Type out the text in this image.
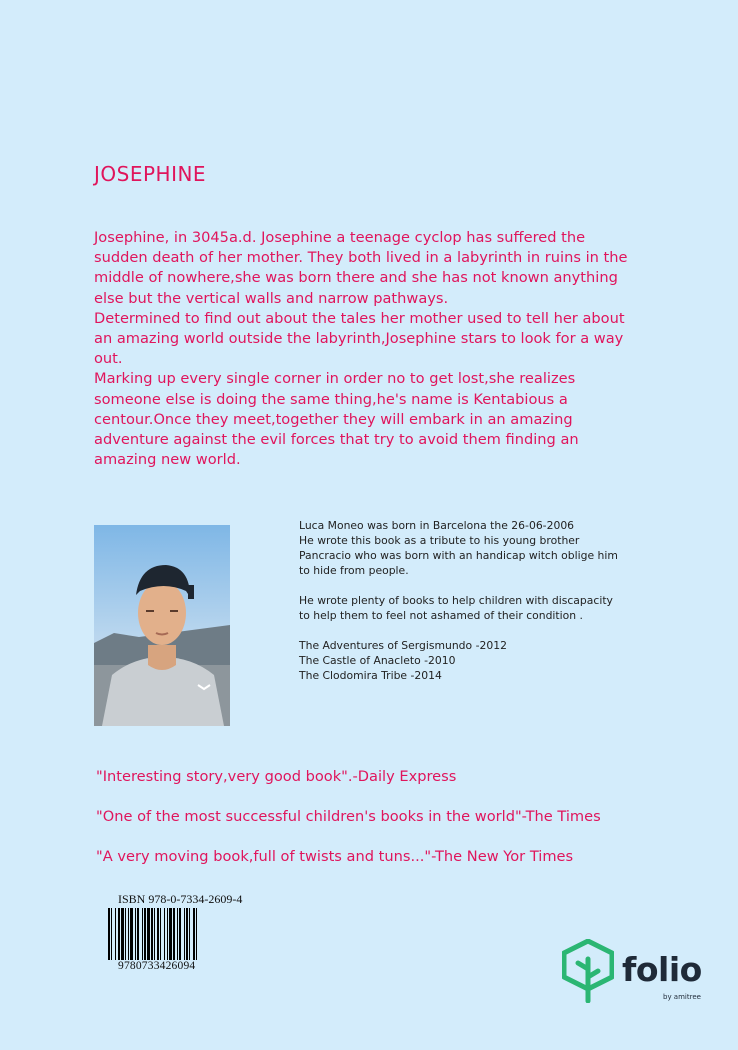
JOSEPHINE

Josephine, in 3045a.d. Josephine a teenage cyclop has suffered the

sudden death of her mother. They both lived in a labyrinth in ruins in the

middle of nowhere,she was born there and she has not known anything

else but the vertical walls and narrow pathways.

Determined to find out about the tales her mother used to tell her about

an amazing world outside the labyrinth,Josephine stars to look for a way

out.

Marking up every single corner in order no to get lost,she realizes

someone else is doing the same thing,he's name is Kentabious a

centour.Once they meet,together they will embark in an amazing

adventure against the evil forces that try to avoid them finding an

amazing new world.

Luca Moneo was born in Barcelona the 26-06-2006
He wrote this book as a tribute to his young brother
Pancracio who was born with an handicap witch oblige him
to hide from people.

He wrote plenty of books to help children with discapacity
to help them to feel not ashamed of their condition .

The Adventures of Sergismundo -2012
The Castle of Anacleto -2010
The Clodomira Tribe -2014

"Interesting story,very good book".-Daily Express
"One of the most successful children's books in the world"-The Times
"A very moving book,full of twists and tuns..."-The New Yor Times
ISBN 978-0-7334-2609-4
9780733426094	folio
by amitree
